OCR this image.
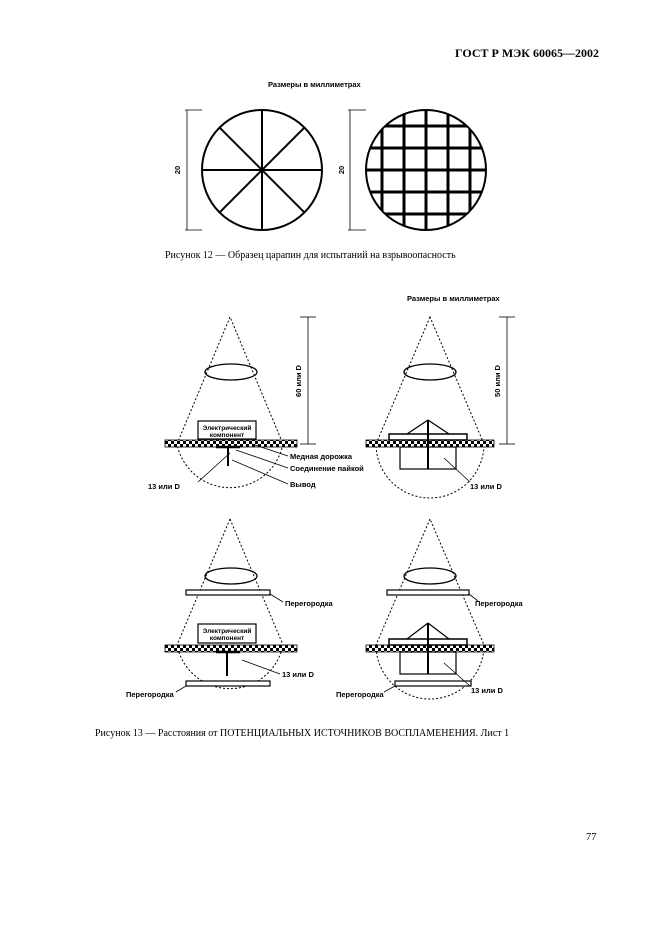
ГОСТ Р МЭК 60065—2002
Размеры в миллиметрах
20	20
Электрический
компонент
60 или D
13 или D
Медная дорожка
Соединение пайкой
Вывод
50 или D
13 или D
Электрический
компонент
Перегородка
13 или D
Перегородка
Перегородка
13 или D
Перегородка
Рисунок 12 — Образец царапин для испытаний на взрывоопасность
Размеры в миллиметрах
Рисунок 13 — Расстояния от ПОТЕНЦИАЛЬНЫХ ИСТОЧНИКОВ ВОСПЛАМЕНЕНИЯ. Лист 1
77
